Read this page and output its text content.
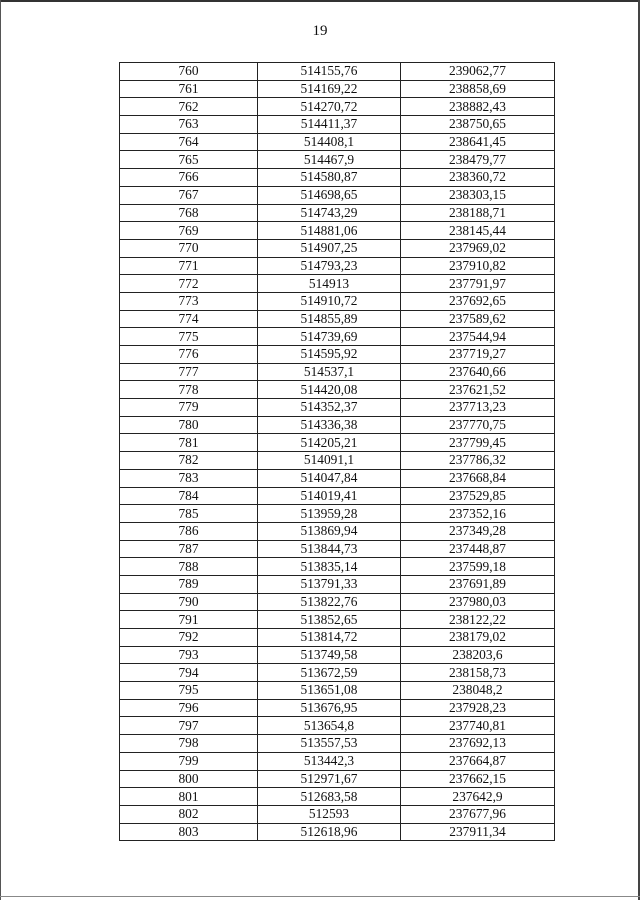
19
760	514155,76	239062,77
761	514169,22	238858,69
762	514270,72	238882,43
763	514411,37	238750,65
764	514408,1	238641,45
765	514467,9	238479,77
766	514580,87	238360,72
767	514698,65	238303,15
768	514743,29	238188,71
769	514881,06	238145,44
770	514907,25	237969,02
771	514793,23	237910,82
772	514913	237791,97
773	514910,72	237692,65
774	514855,89	237589,62
775	514739,69	237544,94
776	514595,92	237719,27
777	514537,1	237640,66
778	514420,08	237621,52
779	514352,37	237713,23
780	514336,38	237770,75
781	514205,21	237799,45
782	514091,1	237786,32
783	514047,84	237668,84
784	514019,41	237529,85
785	513959,28	237352,16
786	513869,94	237349,28
787	513844,73	237448,87
788	513835,14	237599,18
789	513791,33	237691,89
790	513822,76	237980,03
791	513852,65	238122,22
792	513814,72	238179,02
793	513749,58	238203,6
794	513672,59	238158,73
795	513651,08	238048,2
796	513676,95	237928,23
797	513654,8	237740,81
798	513557,53	237692,13
799	513442,3	237664,87
800	512971,67	237662,15
801	512683,58	237642,9
802	512593	237677,96
803	512618,96	237911,34
